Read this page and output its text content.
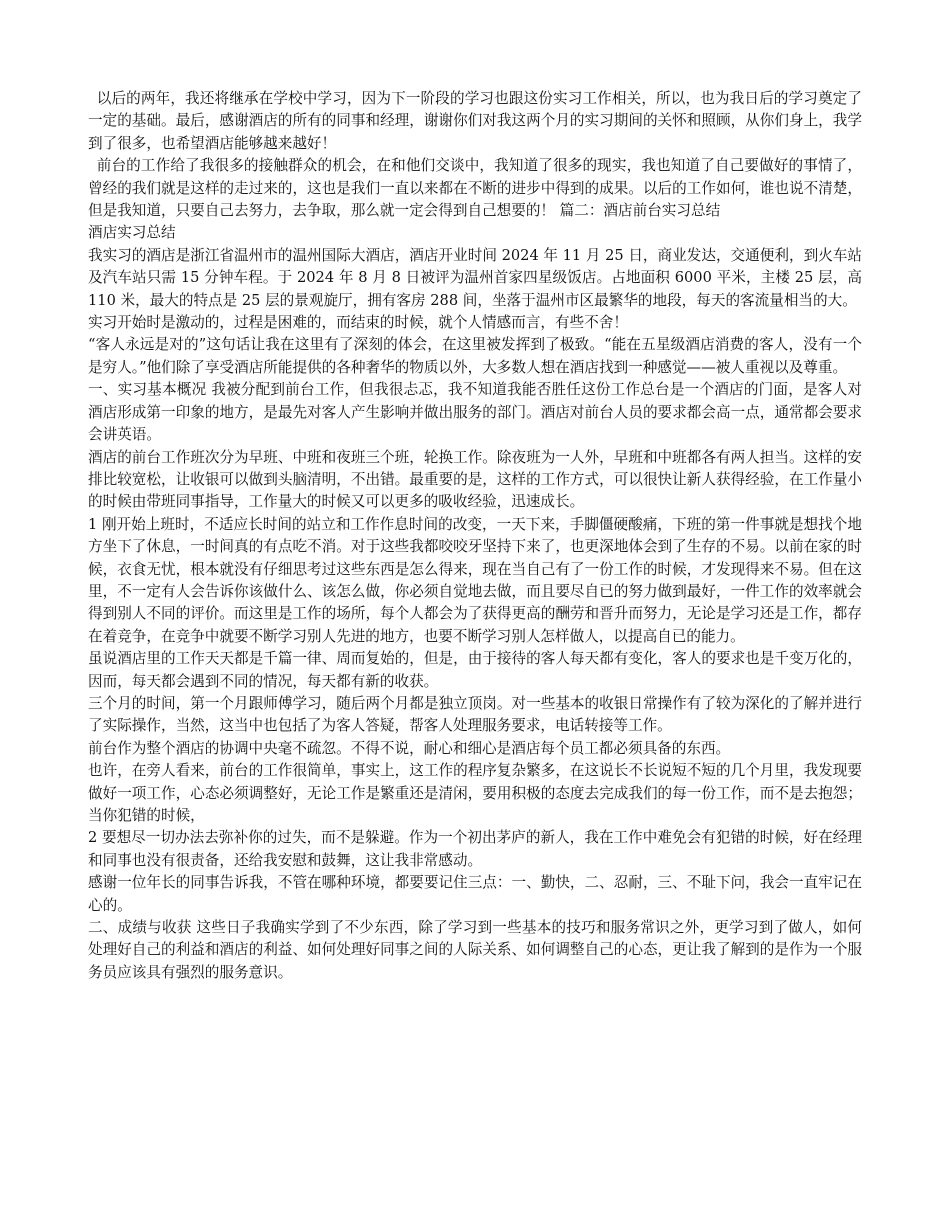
以后的两年，我还将继承在学校中学习，因为下一阶段的学习也跟这份实习工作相关，所以，也为我日后的学习奠定了一定的基础。最后，感谢酒店的所有的同事和经理，谢谢你们对我这两个月的实习期间的关怀和照顾，从你们身上，我学到了很多，也希望酒店能够越来越好！

前台的工作给了我很多的接触群众的机会，在和他们交谈中，我知道了很多的现实，我也知道了自己要做好的事情了，曾经的我们就是这样的走过来的，这也是我们一直以来都在不断的进步中得到的成果。以后的工作如何，谁也说不清楚，但是我知道，只要自己去努力，去争取，那么就一定会得到自己想要的！ 篇二：酒店前台实习总结

酒店实习总结

我实习的酒店是浙江省温州市的温州国际大酒店，酒店开业时间 2024 年 11 月 25 日，商业发达，交通便利，到火车站及汽车站只需 15 分钟车程。于 2024 年 8 月 8 日被评为温州首家四星级饭店。占地面积 6000 平米，主楼 25 层，高 110 米，最大的特点是 25 层的景观旋厅，拥有客房 288 间，坐落于温州市区最繁华的地段，每天的客流量相当的大。

实习开始时是激动的，过程是困难的，而结束的时候，就个人情感而言，有些不舍！

“客人永远是对的”这句话让我在这里有了深刻的体会，在这里被发挥到了极致。“能在五星级酒店消费的客人，没有一个是穷人。”他们除了享受酒店所能提供的各种奢华的物质以外，大多数人想在酒店找到一种感觉——被人重视以及尊重。

一、实习基本概况 我被分配到前台工作，但我很忐忑，我不知道我能否胜任这份工作总台是一个酒店的门面，是客人对酒店形成第一印象的地方，是最先对客人产生影响并做出服务的部门。酒店对前台人员的要求都会高一点，通常都会要求会讲英语。

酒店的前台工作班次分为早班、中班和夜班三个班，轮换工作。除夜班为一人外，早班和中班都各有两人担当。这样的安排比较宽松，让收银可以做到头脑清明，不出错。最重要的是，这样的工作方式，可以很快让新人获得经验，在工作量小的时候由带班同事指导，工作量大的时候又可以更多的吸收经验，迅速成长。

1 刚开始上班时，不适应长时间的站立和工作作息时间的改变，一天下来，手脚僵硬酸痛，下班的第一件事就是想找个地方坐下了休息，一时间真的有点吃不消。对于这些我都咬咬牙坚持下来了，也更深地体会到了生存的不易。以前在家的时候，衣食无忧，根本就没有仔细思考过这些东西是怎么得来，现在当自己有了一份工作的时候，才发现得来不易。但在这里，不一定有人会告诉你该做什么、该怎么做，你必须自觉地去做，而且要尽自已的努力做到最好，一件工作的效率就会得到别人不同的评价。而这里是工作的场所，每个人都会为了获得更高的酬劳和晋升而努力，无论是学习还是工作，都存在着竞争，在竞争中就要不断学习别人先进的地方，也要不断学习别人怎样做人，以提高自已的能力。

虽说酒店里的工作天天都是千篇一律、周而复始的，但是，由于接待的客人每天都有变化，客人的要求也是千变万化的，因而，每天都会遇到不同的情况，每天都有新的收获。

三个月的时间，第一个月跟师傅学习，随后两个月都是独立顶岗。对一些基本的收银日常操作有了较为深化的了解并进行了实际操作，当然，这当中也包括了为客人答疑，帮客人处理服务要求，电话转接等工作。

前台作为整个酒店的协调中央毫不疏忽。不得不说，耐心和细心是酒店每个员工都必须具备的东西。

也许，在旁人看来，前台的工作很简单，事实上，这工作的程序复杂繁多，在这说长不长说短不短的几个月里，我发现要做好一项工作，心态必须调整好，无论工作是繁重还是清闲，要用积极的态度去完成我们的每一份工作，而不是去抱怨；当你犯错的时候，

2 要想尽一切办法去弥补你的过失，而不是躲避。作为一个初出茅庐的新人，我在工作中难免会有犯错的时候，好在经理和同事也没有很责备，还给我安慰和鼓舞，这让我非常感动。

感谢一位年长的同事告诉我，不管在哪种环境，都要要记住三点：一、勤快，二、忍耐，三、不耻下问，我会一直牢记在心的。

二、成绩与收获 这些日子我确实学到了不少东西，除了学习到一些基本的技巧和服务常识之外，更学习到了做人，如何处理好自己的利益和酒店的利益、如何处理好同事之间的人际关系、如何调整自己的心态，更让我了解到的是作为一个服务员应该具有强烈的服务意识。
